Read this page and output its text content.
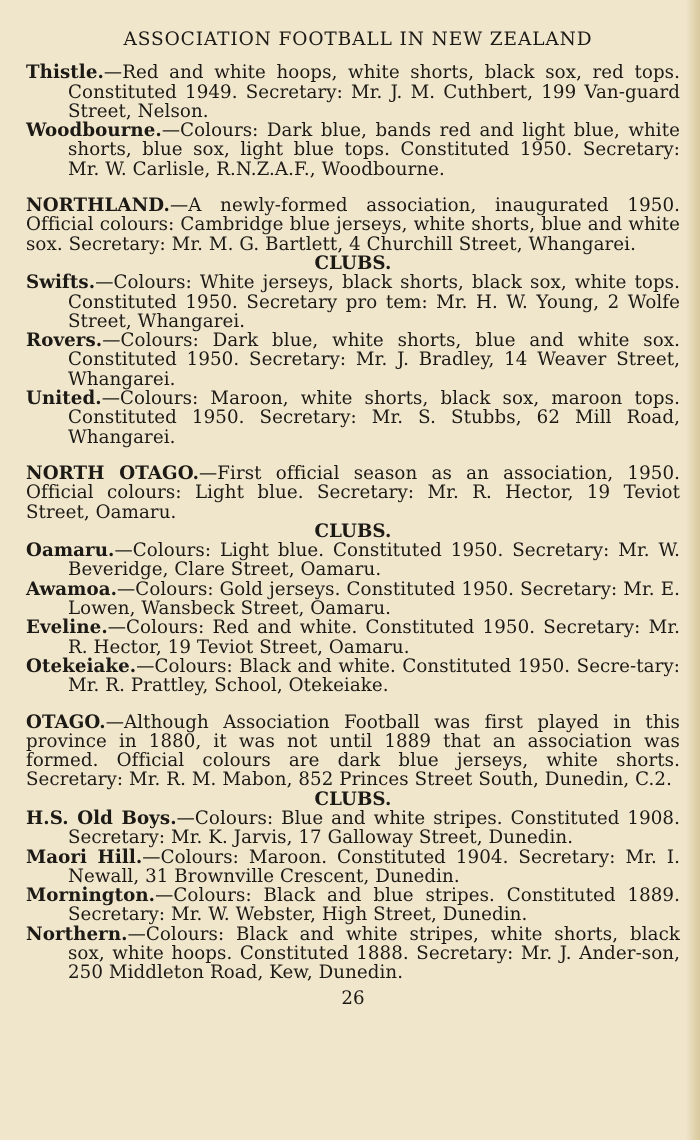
ASSOCIATION FOOTBALL IN NEW ZEALAND
Thistle.—Red and white hoops, white shorts, black sox, red tops. Constituted 1949. Secretary: Mr. J. M. Cuthbert, 199 Van-guard Street, Nelson.
Woodbourne.—Colours: Dark blue, bands red and light blue, white shorts, blue sox, light blue tops. Constituted 1950. Secretary: Mr. W. Carlisle, R.N.Z.A.F., Woodbourne.
NORTHLAND.—A newly-formed association, inaugurated 1950. Official colours: Cambridge blue jerseys, white shorts, blue and white sox. Secretary: Mr. M. G. Bartlett, 4 Churchill Street, Whangarei.
CLUBS.
Swifts.—Colours: White jerseys, black shorts, black sox, white tops. Constituted 1950. Secretary pro tem: Mr. H. W. Young, 2 Wolfe Street, Whangarei.
Rovers.—Colours: Dark blue, white shorts, blue and white sox. Constituted 1950. Secretary: Mr. J. Bradley, 14 Weaver Street, Whangarei.
United.—Colours: Maroon, white shorts, black sox, maroon tops. Constituted 1950. Secretary: Mr. S. Stubbs, 62 Mill Road, Whangarei.
NORTH OTAGO.—First official season as an association, 1950. Official colours: Light blue. Secretary: Mr. R. Hector, 19 Teviot Street, Oamaru.
CLUBS.
Oamaru.—Colours: Light blue. Constituted 1950. Secretary: Mr. W. Beveridge, Clare Street, Oamaru.
Awamoa.—Colours: Gold jerseys. Constituted 1950. Secretary: Mr. E. Lowen, Wansbeck Street, Oamaru.
Eveline.—Colours: Red and white. Constituted 1950. Secretary: Mr. R. Hector, 19 Teviot Street, Oamaru.
Otekeiake.—Colours: Black and white. Constituted 1950. Secre-tary: Mr. R. Prattley, School, Otekeiake.
OTAGO.—Although Association Football was first played in this province in 1880, it was not until 1889 that an association was formed. Official colours are dark blue jerseys, white shorts. Secretary: Mr. R. M. Mabon, 852 Princes Street South, Dunedin, C.2.
CLUBS.
H.S. Old Boys.—Colours: Blue and white stripes. Constituted 1908. Secretary: Mr. K. Jarvis, 17 Galloway Street, Dunedin.
Maori Hill.—Colours: Maroon. Constituted 1904. Secretary: Mr. I. Newall, 31 Brownville Crescent, Dunedin.
Mornington.—Colours: Black and blue stripes. Constituted 1889. Secretary: Mr. W. Webster, High Street, Dunedin.
Northern.—Colours: Black and white stripes, white shorts, black sox, white hoops. Constituted 1888. Secretary: Mr. J. Ander-son, 250 Middleton Road, Kew, Dunedin.
26
